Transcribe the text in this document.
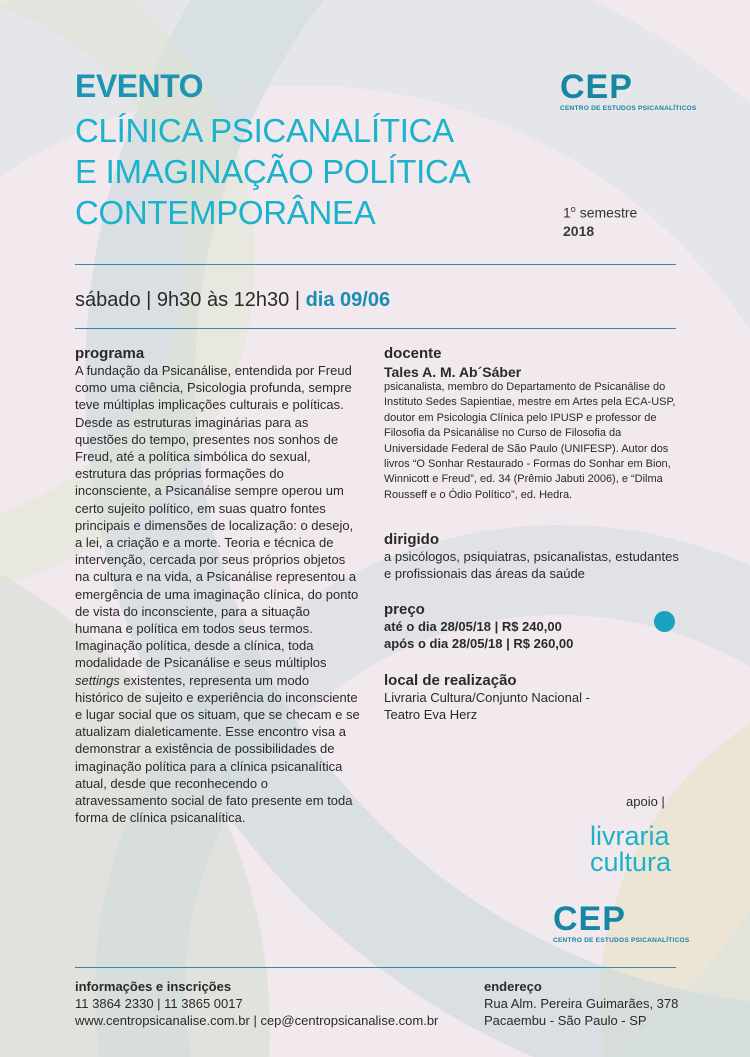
EVENTO
CLÍNICA PSICANALÍTICA
E IMAGINAÇÃO POLÍTICA
CONTEMPORÂNEA
CEP
CENTRO DE ESTUDOS PSICANALÍTICOS
1$^o$ semestre
2018
sábado | 9h30 às 12h30 | dia 09/06
programa
A fundação da Psicanálise, entendida por Freud como uma ciência, Psicologia profunda, sempre teve múltiplas implicações culturais e políticas. Desde as estruturas imaginárias para as questões do tempo, presentes nos sonhos de Freud, até a política simbólica do sexual, estrutura das próprias formações do inconsciente, a Psicanálise sempre operou um certo sujeito político, em suas quatro fontes principais e dimensões de localização: o desejo, a lei, a criação e a morte. Teoria e técnica de intervenção, cercada por seus próprios objetos na cultura e na vida, a Psicanálise representou a emergência de uma imaginação clínica, do ponto de vista do inconsciente, para a situação humana e política em todos seus termos. Imaginação política, desde a clínica, toda modalidade de Psicanálise e seus múltiplos settings existentes, representa um modo histórico de sujeito e experiência do inconsciente e lugar social que os situam, que se checam e se atualizam dialeticamente. Esse encontro visa a demonstrar a existência de possibilidades de imaginação política para a clínica psicanalítica atual, desde que reconhecendo o atravessamento social de fato presente em toda forma de clínica psicanalítica.
docente
Tales A. M. Ab´Sáber
psicanalista, membro do Departamento de Psicanálise do Instituto Sedes Sapientiae, mestre em Artes pela ECA-USP, doutor em Psicologia Clínica pelo IPUSP e professor de Filosofia da Psicanálise no Curso de Filosofia da Universidade Federal de São Paulo (UNIFESP). Autor dos livros “O Sonhar Restaurado - Formas do Sonhar em Bion, Winnicott e Freud”, ed. 34 (Prêmio Jabuti 2006), e “Dilma Rousseff e o Ódio Político”, ed. Hedra.
dirigido
a psicólogos, psiquiatras, psicanalistas, estudantes e profissionais das áreas da saúde
preço
até o dia 28/05/18 | R$ 240,00
após o dia 28/05/18 | R$ 260,00
local de realização
Livraria Cultura/Conjunto Nacional - Teatro Eva Herz
apoio |
livraria
cultura
CEP
CENTRO DE ESTUDOS PSICANALÍTICOS
informações e inscrições
11 3864 2330 | 11 3865 0017
www.centropsicanalise.com.br | cep@centropsicanalise.com.br
endereço
Rua Alm. Pereira Guimarães, 378
Pacaembu - São Paulo - SP
